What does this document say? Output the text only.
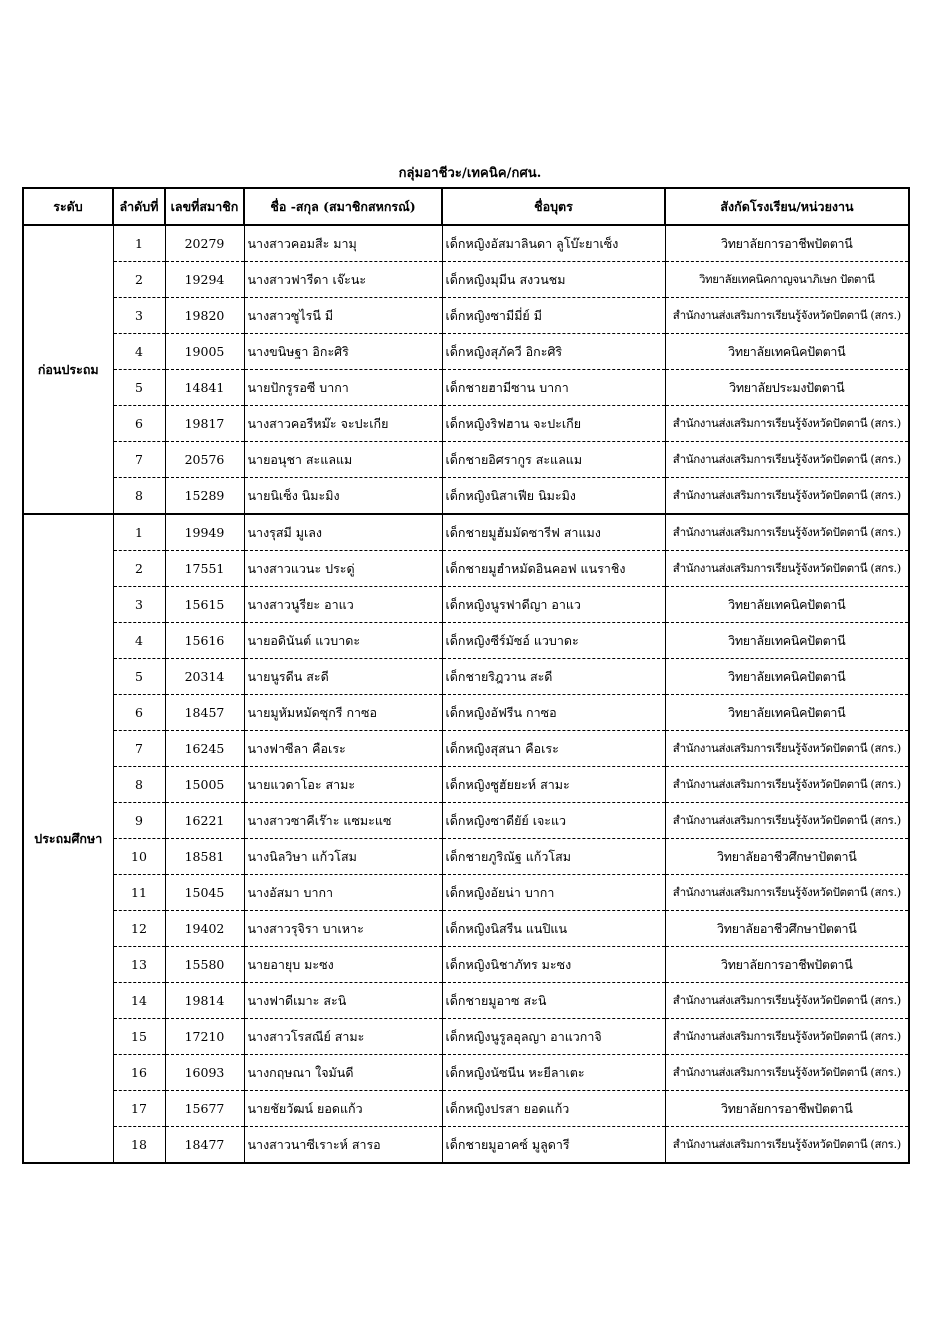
กลุ่มอาชีวะ/เทคนิค/กศน.
ระดับ	ลำดับที่	เลขที่สมาชิก	ชื่อ -สกุล (สมาชิกสหกรณ์)	ชื่อบุตร	สังกัดโรงเรียน/หน่วยงาน
ก่อนประถม	1	20279	นางสาวคอมสีะ มามุ	เด็กหญิงอัสมาลินดา ลูโบ๊ะยาเซ็ง	วิทยาลัยการอาชีพปัตตานี
	2	19294	นางสาวฟารีดา เจ๊ะนะ	เด็กหญิงมุมีน สงวนชม	วิทยาลัยเทคนิคกาญจนาภิเษก ปัตตานี
	3	19820	นางสาวซูไรนี มี	เด็กหญิงซามีมี่ย์ มี	สำนักงานส่งเสริมการเรียนรู้จังหวัดปัตตานี (สกร.)
	4	19005	นางขนิษฐา อิกะศิริ	เด็กหญิงสุภัควี อิกะศิริ	วิทยาลัยเทคนิคปัตตานี
	5	14841	นายปักรูรอซี บากา	เด็กชายฮามีซาน บากา	วิทยาลัยประมงปัตตานี
	6	19817	นางสาวคอรีหม๊ะ จะปะเกีย	เด็กหญิงริฟฮาน จะปะเกีย	สำนักงานส่งเสริมการเรียนรู้จังหวัดปัตตานี (สกร.)
	7	20576	นายอนุชา สะแลแม	เด็กชายอิศรากูร สะแลแม	สำนักงานส่งเสริมการเรียนรู้จังหวัดปัตตานี (สกร.)
	8	15289	นายนิเซ็ง นิมะมิง	เด็กหญิงนิสาเฟีย นิมะมิง	สำนักงานส่งเสริมการเรียนรู้จังหวัดปัตตานี (สกร.)
ประถมศึกษา	1	19949	นางรุสมี มูเลง	เด็กชายมูฮัมมัดซารีฟ สาแมง	สำนักงานส่งเสริมการเรียนรู้จังหวัดปัตตานี (สกร.)
	2	17551	นางสาวแวนะ ประดู่	เด็กชายมูฮำหมัดอินคอฟ แนราชิง	สำนักงานส่งเสริมการเรียนรู้จังหวัดปัตตานี (สกร.)
	3	15615	นางสาวนูรียะ อาแว	เด็กหญิงนูรฟาดีญา อาแว	วิทยาลัยเทคนิคปัตตานี
	4	15616	นายอดินันต์ แวบาดะ	เด็กหญิงซีร์มัซอ์ แวบาดะ	วิทยาลัยเทคนิคปัตตานี
	5	20314	นายนูรดีน สะดี	เด็กชายริฎวาน สะดี	วิทยาลัยเทคนิคปัตตานี
	6	18457	นายมูหัมหมัดซุกรี กาซอ	เด็กหญิงอัฟรีน กาซอ	วิทยาลัยเทคนิคปัตตานี
	7	16245	นางฟาซีลา คือเระ	เด็กหญิงสุสนา คือเระ	สำนักงานส่งเสริมการเรียนรู้จังหวัดปัตตานี (สกร.)
	8	15005	นายแวดาโอะ สามะ	เด็กหญิงซูฮัยยะห์ สามะ	สำนักงานส่งเสริมการเรียนรู้จังหวัดปัตตานี (สกร.)
	9	16221	นางสาวซาคีเร๊าะ แซมะแซ	เด็กหญิงซาดียัย์ เจะแว	สำนักงานส่งเสริมการเรียนรู้จังหวัดปัตตานี (สกร.)
	10	18581	นางนิลวิษา แก้วโสม	เด็กชายภูริณัฐ แก้วโสม	วิทยาลัยอาชีวศึกษาปัตตานี
	11	15045	นางอัสมา บากา	เด็กหญิงอัยน่า บากา	สำนักงานส่งเสริมการเรียนรู้จังหวัดปัตตานี (สกร.)
	12	19402	นางสาวรุจิรา บาเหาะ	เด็กหญิงนิสรีน แนปิแน	วิทยาลัยอาชีวศึกษาปัตตานี
	13	15580	นายอายุบ มะซง	เด็กหญิงนิชาภัทร มะซง	วิทยาลัยการอาชีพปัตตานี
	14	19814	นางฟาดีเมาะ สะนิ	เด็กชายมูอาซ สะนิ	สำนักงานส่งเสริมการเรียนรู้จังหวัดปัตตานี (สกร.)
	15	17210	นางสาวโรสณีย์ สามะ	เด็กหญิงนูรูลอุลญา อาแวกาจิ	สำนักงานส่งเสริมการเรียนรู้จังหวัดปัตตานี (สกร.)
	16	16093	นางกฤษณา ใจมันดี	เด็กหญิงนัซนีน หะยีลาเตะ	สำนักงานส่งเสริมการเรียนรู้จังหวัดปัตตานี (สกร.)
	17	15677	นายชัยวัฒน์ ยอดแก้ว	เด็กหญิงปรสา ยอดแก้ว	วิทยาลัยการอาชีพปัตตานี
	18	18477	นางสาวนาซีเราะห์ สารอ	เด็กชายมูอาคซ์ มูลูดารี	สำนักงานส่งเสริมการเรียนรู้จังหวัดปัตตานี (สกร.)
